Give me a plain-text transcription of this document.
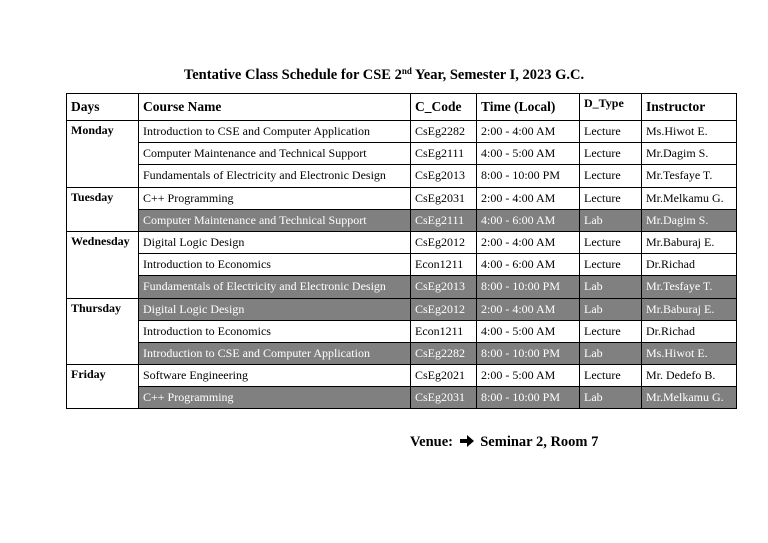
Tentative Class Schedule for CSE 2nd Year, Semester I, 2023 G.C.
Days	Course Name	C_Code	Time (Local)	D_Type	Instructor
Monday	Introduction to CSE and Computer Application	CsEg2282	2:00 - 4:00 AM	Lecture	Ms.Hiwot E.
	Computer Maintenance and Technical Support	CsEg2111	4:00 - 5:00 AM	Lecture	Mr.Dagim S.
	Fundamentals of Electricity and Electronic Design	CsEg2013	8:00 - 10:00 PM	Lecture	Mr.Tesfaye T.
Tuesday	C++ Programming	CsEg2031	2:00 - 4:00 AM	Lecture	Mr.Melkamu G.
	Computer Maintenance and Technical Support	CsEg2111	4:00 - 6:00 AM	Lab	Mr.Dagim S.
Wednesday	Digital Logic Design	CsEg2012	2:00 - 4:00 AM	Lecture	Mr.Baburaj E.
	Introduction to Economics	Econ1211	4:00 - 6:00 AM	Lecture	Dr.Richad
	Fundamentals of Electricity and Electronic Design	CsEg2013	8:00 - 10:00 PM	Lab	Mr.Tesfaye T.
Thursday	Digital Logic Design	CsEg2012	2:00 - 4:00 AM	Lab	Mr.Baburaj E.
	Introduction to Economics	Econ1211	4:00 - 5:00 AM	Lecture	Dr.Richad
	Introduction to CSE and Computer Application	CsEg2282	8:00 - 10:00 PM	Lab	Ms.Hiwot E.
Friday	Software Engineering	CsEg2021	2:00 - 5:00 AM	Lecture	Mr. Dedefo B.
	C++ Programming	CsEg2031	8:00 - 10:00 PM	Lab	Mr.Melkamu G.
Venue: Seminar 2, Room 7
